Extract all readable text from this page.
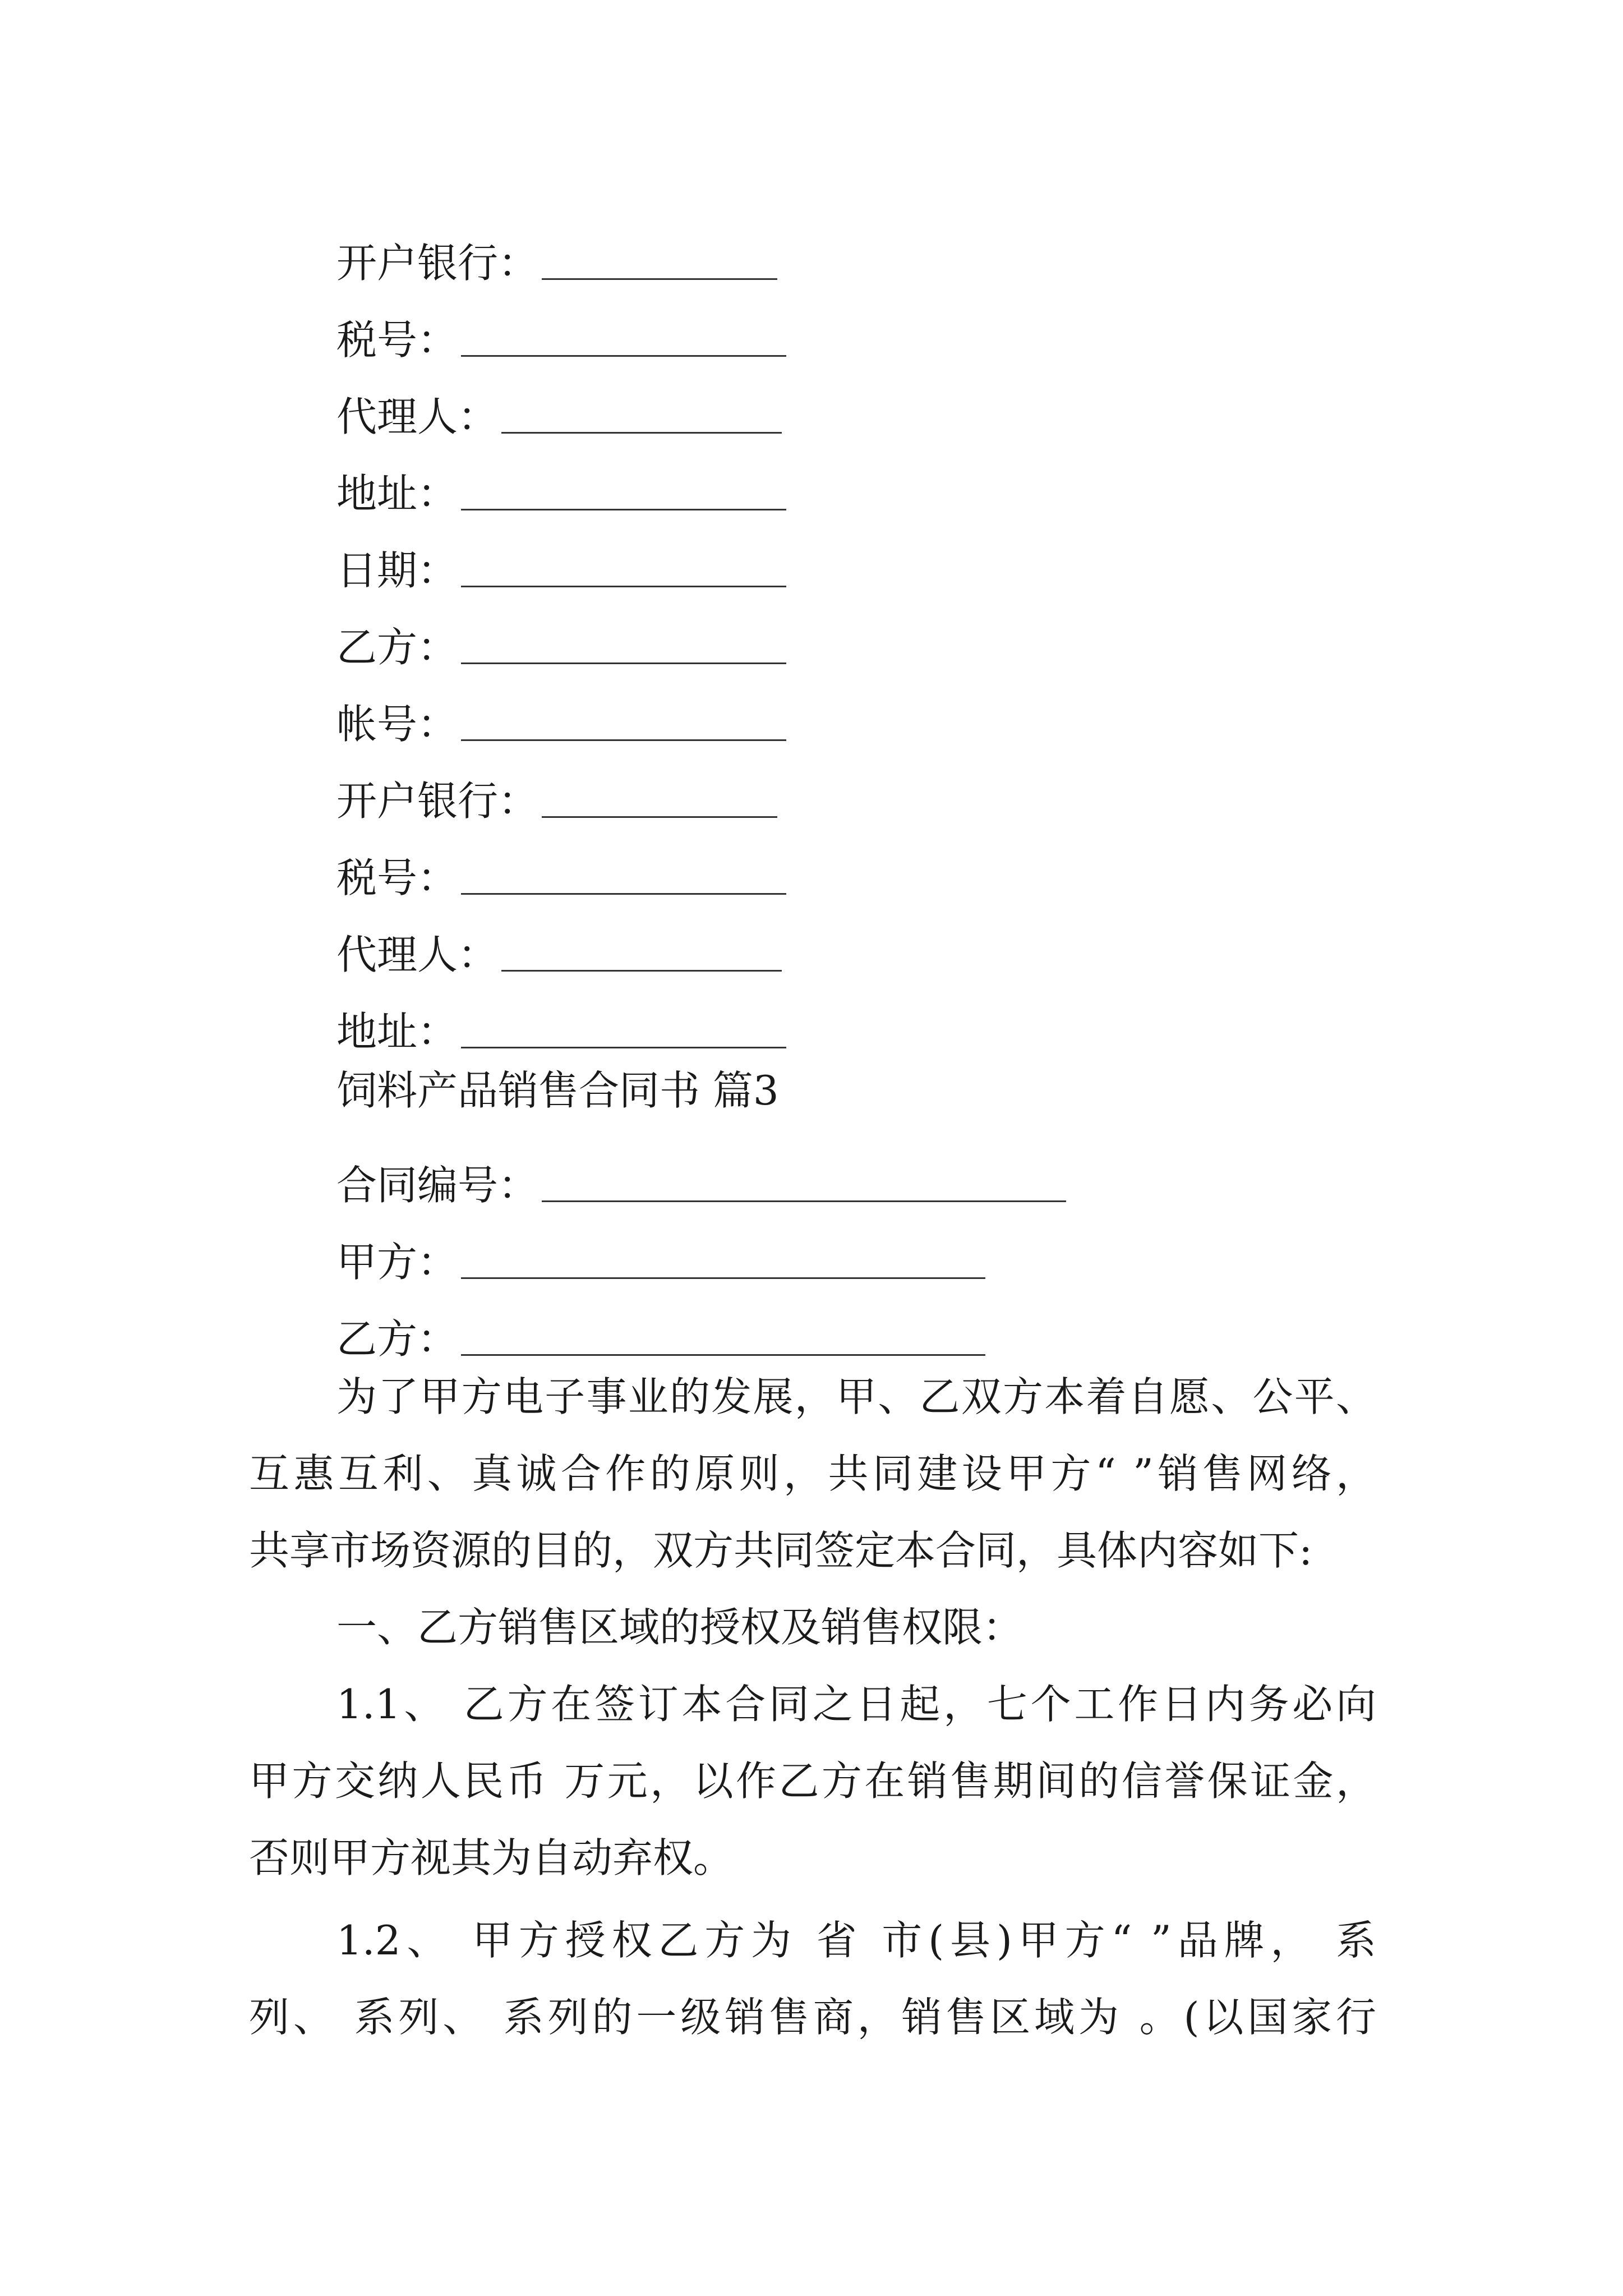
开户银行：
税号：
代理人：
地址：
日期：
乙方：
帐号：
开户银行：
税号：
代理人：
地址：
饲料产品销售合同书 篇3
合同编号：
甲方：
乙方：
为了甲方电子事业的发展，甲、乙双方本着自愿、公平、
互惠互利、真诚合作的原则，共同建设甲方“ ”销售网络，
共享市场资源的目的，双方共同签定本合同，具体内容如下:
一、乙方销售区域的授权及销售权限：
1.1、 乙方在签订本合同之日起，七个工作日内务必向
甲方交纳人民币 万元，以作乙方在销售期间的信誉保证金，
否则甲方视其为自动弃权。
1.2、 甲方授权乙方为 省 市(县)甲方“ ”品牌， 系
列、 系列、 系列的一级销售商，销售区域为 。(以国家行
